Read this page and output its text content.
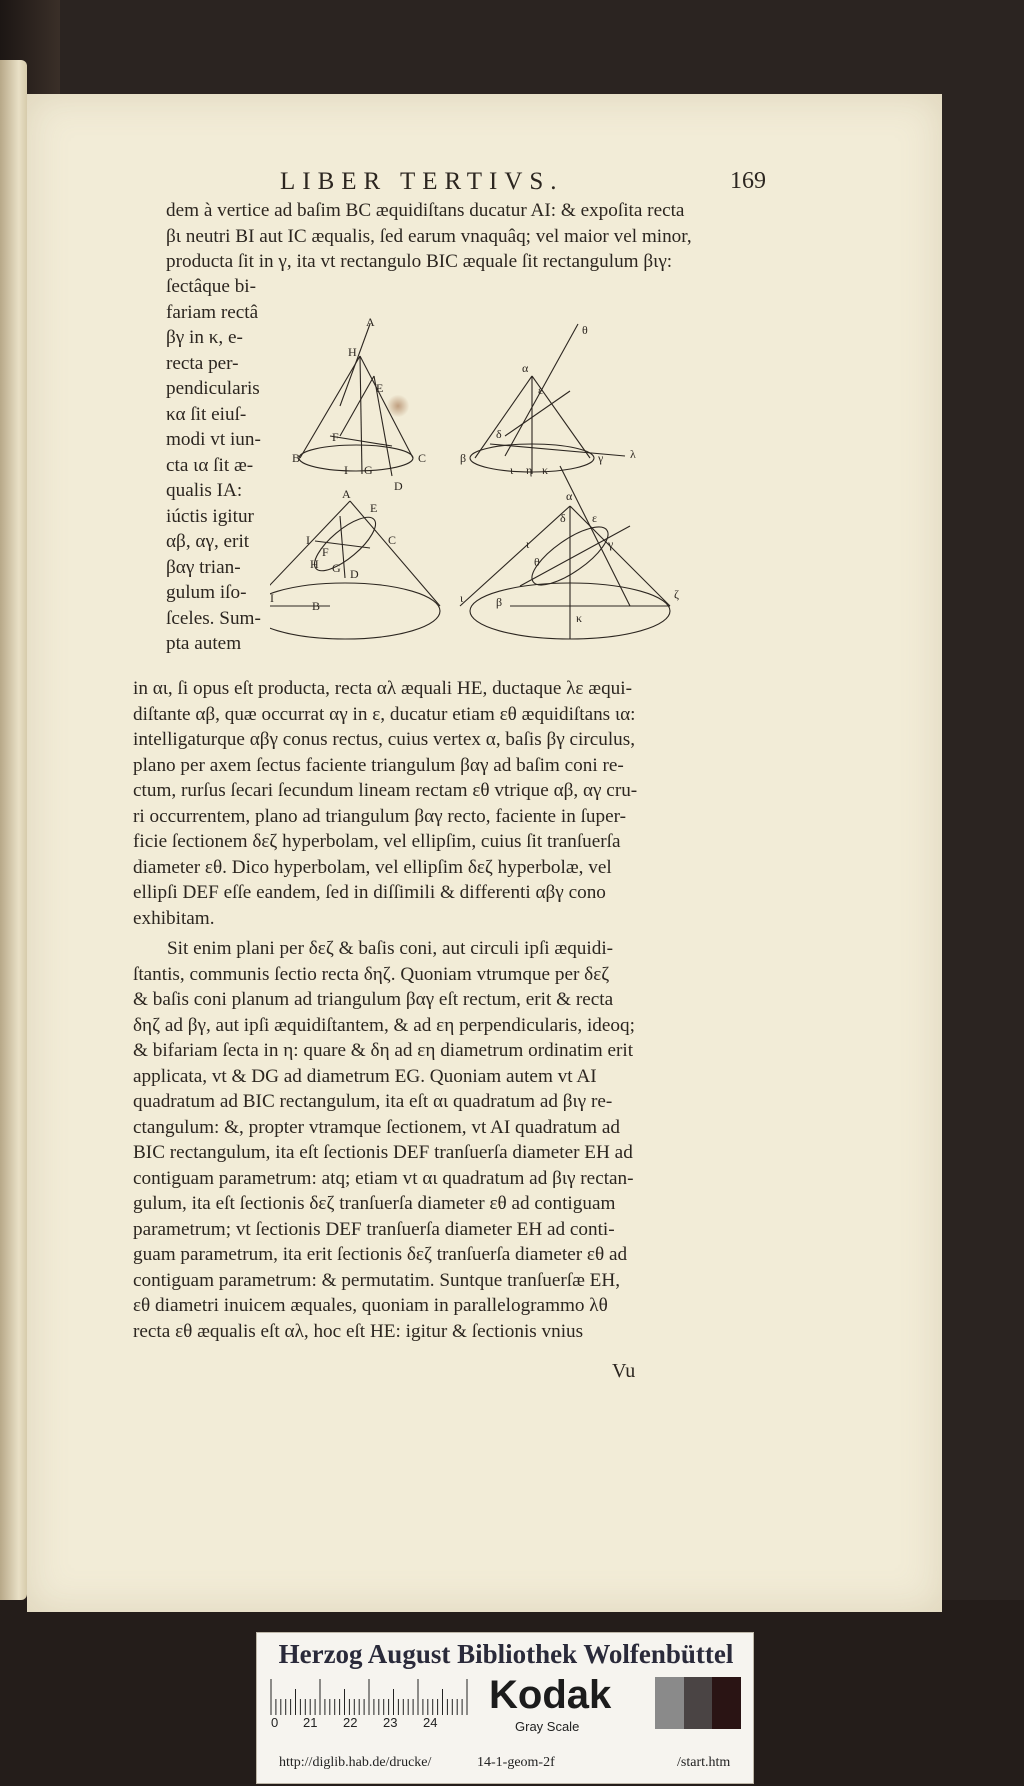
LIBER TERTIVS.	169
dem à vertice ad baſim BC æquidiſtans ducatur AI: & expoſita recta
βι neutri BI aut IC æqualis, ſed earum vnaquâq; vel maior vel minor,
producta ſit in γ, ita vt rectangulo BIC æquale ſit rectangulum βιγ:
ſectâque bi-
fariam rectâ
βγ in κ, e-
recta per-
pendicularis
κα ſit eiuſ-
modi vt iun-
cta ια ſit æ-
qualis IA:
iúctis igitur
αβ, αγ, erit
βαγ trian-
gulum iſo-
ſceles. Sum-
pta autem
A
E
F
B
I G
C
D
H
A
E
I
F
C
H G D
B
I
θ
α
ε
δ
β
ι η κ
γ λ
α
ε
ι
θ
γ
β
ι
κ
ζ
δ
in αι, ſi opus eſt producta, recta αλ æquali HE, ductaque λε æqui-
diſtante αβ, quæ occurrat αγ in ε, ducatur etiam εθ æquidiſtans ια:
intelligaturque αβγ conus rectus, cuius vertex α, baſis βγ circulus,
plano per axem ſectus faciente triangulum βαγ ad baſim coni re-
ctum, rurſus ſecari ſecundum lineam rectam εθ vtrique αβ, αγ cru-
ri occurrentem, plano ad triangulum βαγ recto, faciente in ſuper-
ficie ſectionem δεζ hyperbolam, vel ellipſim, cuius ſit tranſuerſa
diameter εθ. Dico hyperbolam, vel ellipſim δεζ hyperbolæ, vel
ellipſi DEF eſſe eandem, ſed in diſſimili & differenti αβγ cono
exhibitam.
Sit enim plani per δεζ & baſis coni, aut circuli ipſi æquidi-
ſtantis, communis ſectio recta δηζ. Quoniam vtrumque per δεζ
& baſis coni planum ad triangulum βαγ eſt rectum, erit & recta
δηζ ad βγ, aut ipſi æquidiſtantem, & ad εη perpendicularis, ideoq;
& bifariam ſecta in η: quare & δη ad εη diametrum ordinatim erit
applicata, vt & DG ad diametrum EG. Quoniam autem vt AI
quadratum ad BIC rectangulum, ita eſt αι quadratum ad βιγ re-
ctangulum: &, propter vtramque ſectionem, vt AI quadratum ad
BIC rectangulum, ita eſt ſectionis DEF tranſuerſa diameter EH ad
contiguam parametrum: atq; etiam vt αι quadratum ad βιγ rectan-
gulum, ita eſt ſectionis δεζ tranſuerſa diameter εθ ad contiguam
parametrum; vt ſectionis DEF tranſuerſa diameter EH ad conti-
guam parametrum, ita erit ſectionis δεζ tranſuerſa diameter εθ ad
contiguam parametrum: & permutatim. Suntque tranſuerſæ EH,
εθ diametri inuicem æquales, quoniam in parallelogrammo λθ
recta εθ æqualis eſt αλ, hoc eſt HE: igitur & ſectionis vnius
Vu
Herzog August Bibliothek Wolfenbüttel
0 21 22 23 24
Kodak
Gray Scale
http://diglib.hab.de/drucke/	14-1-geom-2f	/start.htm
